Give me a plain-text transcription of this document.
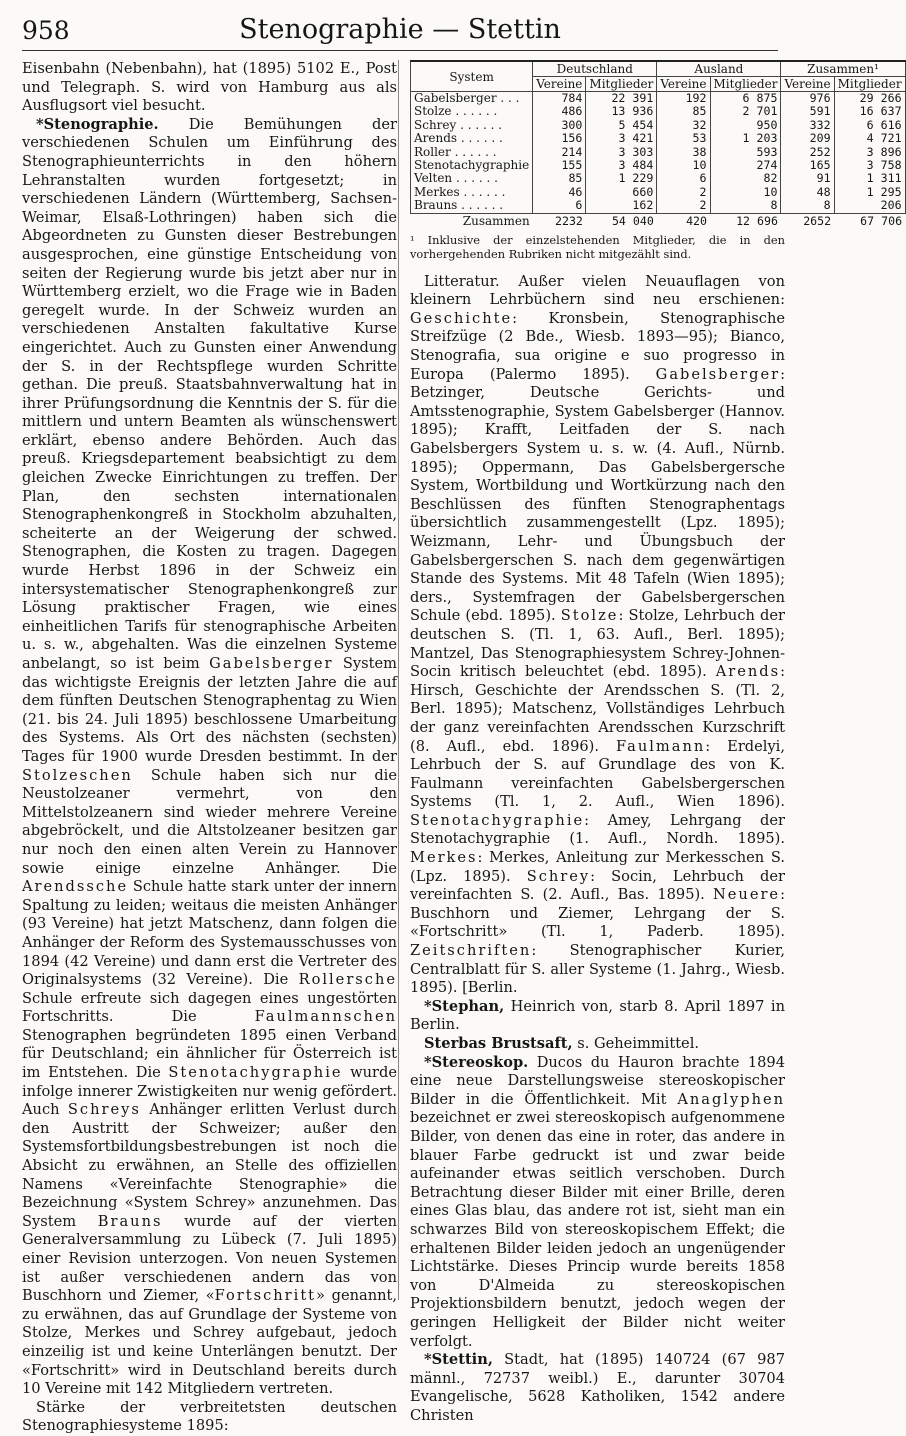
958	Stenographie — Stettin

Eisenbahn (Nebenbahn), hat (1895) 5102 E., Post und Telegraph. S. wird von Hamburg aus als Ausflugsort viel besucht.

*Stenographie. Die Bemühungen der verschiedenen Schulen um Einführung des Stenographieunterrichts in den höhern Lehranstalten wurden fortgesetzt; in verschiedenen Ländern (Württemberg, Sachsen-Weimar, Elsaß-Lothringen) haben sich die Abgeordneten zu Gunsten dieser Bestrebungen ausgesprochen, eine günstige Entscheidung von seiten der Regierung wurde bis jetzt aber nur in Württemberg erzielt, wo die Frage wie in Baden geregelt wurde. In der Schweiz wurden an verschiedenen Anstalten fakultative Kurse eingerichtet. Auch zu Gunsten einer Anwendung der S. in der Rechtspflege wurden Schritte gethan. Die preuß. Staatsbahnverwaltung hat in ihrer Prüfungsordnung die Kenntnis der S. für die mittlern und untern Beamten als wünschenswert erklärt, ebenso andere Behörden. Auch das preuß. Kriegsdepartement beabsichtigt zu dem gleichen Zwecke Einrichtungen zu treffen. Der Plan, den sechsten internationalen Stenographenkongreß in Stockholm abzuhalten, scheiterte an der Weigerung der schwed. Stenographen, die Kosten zu tragen. Dagegen wurde Herbst 1896 in der Schweiz ein intersystematischer Stenographenkongreß zur Lösung praktischer Fragen, wie eines einheitlichen Tarifs für stenographische Arbeiten u. s. w., abgehalten. Was die einzelnen Systeme anbelangt, so ist beim Gabelsberger System das wichtigste Ereignis der letzten Jahre die auf dem fünften Deutschen Stenographentag zu Wien (21. bis 24. Juli 1895) beschlossene Umarbeitung des Systems. Als Ort des nächsten (sechsten) Tages für 1900 wurde Dresden bestimmt. In der Stolzeschen Schule haben sich nur die Neustolzeaner vermehrt, von den Mittelstolzeanern sind wieder mehrere Vereine abgebröckelt, und die Altstolzeaner besitzen gar nur noch den einen alten Verein zu Hannover sowie einige einzelne Anhänger. Die Arendssche Schule hatte stark unter der innern Spaltung zu leiden; weitaus die meisten Anhänger (93 Vereine) hat jetzt Matschenz, dann folgen die Anhänger der Reform des Systemausschusses von 1894 (42 Vereine) und dann erst die Vertreter des Originalsystems (32 Vereine). Die Rollersche Schule erfreute sich dagegen eines ungestörten Fortschritts. Die Faulmannschen Stenographen begründeten 1895 einen Verband für Deutschland; ein ähnlicher für Österreich ist im Entstehen. Die Stenotachygraphie wurde infolge innerer Zwistigkeiten nur wenig gefördert. Auch Schreys Anhänger erlitten Verlust durch den Austritt der Schweizer; außer den Systemsfortbildungsbestrebungen ist noch die Absicht zu erwähnen, an Stelle des offiziellen Namens «Vereinfachte Stenographie» die Bezeichnung «System Schrey» anzunehmen. Das System Brauns wurde auf der vierten Generalversammlung zu Lübeck (7. Juli 1895) einer Revision unterzogen. Von neuen Systemen ist außer verschiedenen andern das von Buschhorn und Ziemer, «Fortschritt» genannt, zu erwähnen, das auf Grundlage der Systeme von Stolze, Merkes und Schrey aufgebaut, jedoch einzeilig ist und keine Unterlängen benutzt. Der «Fortschritt» wird in Deutschland bereits durch 10 Vereine mit 142 Mitgliedern vertreten.

Stärke der verbreitetsten deutschen Stenographiesysteme 1895:

System	Deutschland		Ausland		Zusammen¹	
	Vereine	Mitglieder	Vereine	Mitglieder	Vereine	Mitglieder
Gabelsberger . . .	784	22 391	192	6 875	976	29 266
Stolze . . . . . .	486	13 936	85	2 701	591	16 637
Schrey . . . . . .	300	5 454	32	950	332	6 616
Arends . . . . . .	156	3 421	53	1 203	209	4 721
Roller . . . . . .	214	3 303	38	593	252	3 896
Stenotachygraphie	155	3 484	10	274	165	3 758
Velten . . . . . .	85	1 229	6	82	91	1 311
Merkes . . . . . .	46	660	2	10	48	1 295
Brauns . . . . . .	6	162	2	8	8	206
Zusammen	2232	54 040	420	12 696	2652	67 706
¹ Inklusive der einzelstehenden Mitglieder, die in den vorhergehenden Rubriken nicht mitgezählt sind.

Litteratur. Außer vielen Neuauflagen von kleinern Lehrbüchern sind neu erschienen: Geschichte: Kronsbein, Stenographische Streifzüge (2 Bde., Wiesb. 1893—95); Bianco, Stenografia, sua origine e suo progresso in Europa (Palermo 1895). Gabelsberger: Betzinger, Deutsche Gerichts- und Amtsstenographie, System Gabelsberger (Hannov. 1895); Krafft, Leitfaden der S. nach Gabelsbergers System u. s. w. (4. Aufl., Nürnb. 1895); Oppermann, Das Gabelsbergersche System, Wortbildung und Wortkürzung nach den Beschlüssen des fünften Stenographentags übersichtlich zusammengestellt (Lpz. 1895); Weizmann, Lehr- und Übungsbuch der Gabelsbergerschen S. nach dem gegenwärtigen Stande des Systems. Mit 48 Tafeln (Wien 1895); ders., Systemfragen der Gabelsbergerschen Schule (ebd. 1895). Stolze: Stolze, Lehrbuch der deutschen S. (Tl. 1, 63. Aufl., Berl. 1895); Mantzel, Das Stenographiesystem Schrey-Johnen-Socin kritisch beleuchtet (ebd. 1895). Arends: Hirsch, Geschichte der Arendsschen S. (Tl. 2, Berl. 1895); Matschenz, Vollständiges Lehrbuch der ganz vereinfachten Arendsschen Kurzschrift (8. Aufl., ebd. 1896). Faulmann: Erdelyi, Lehrbuch der S. auf Grundlage des von K. Faulmann vereinfachten Gabelsbergerschen Systems (Tl. 1, 2. Aufl., Wien 1896). Stenotachygraphie: Amey, Lehrgang der Stenotachygraphie (1. Aufl., Nordh. 1895). Merkes: Merkes, Anleitung zur Merkesschen S. (Lpz. 1895). Schrey: Socin, Lehrbuch der vereinfachten S. (2. Aufl., Bas. 1895). Neuere: Buschhorn und Ziemer, Lehrgang der S. «Fortschritt» (Tl. 1, Paderb. 1895). Zeitschriften: Stenographischer Kurier, Centralblatt für S. aller Systeme (1. Jahrg., Wiesb. 1895). [Berlin.

*Stephan, Heinrich von, starb 8. April 1897 in Berlin.

Sterbas Brustsaft, s. Geheimmittel.

*Stereoskop. Ducos du Hauron brachte 1894 eine neue Darstellungsweise stereoskopischer Bilder in die Öffentlichkeit. Mit Anaglyphen bezeichnet er zwei stereoskopisch aufgenommene Bilder, von denen das eine in roter, das andere in blauer Farbe gedruckt ist und zwar beide aufeinander etwas seitlich verschoben. Durch Betrachtung dieser Bilder mit einer Brille, deren eines Glas blau, das andere rot ist, sieht man ein schwarzes Bild von stereoskopischem Effekt; die erhaltenen Bilder leiden jedoch an ungenügender Lichtstärke. Dieses Princip wurde bereits 1858 von D'Almeida zu stereoskopischen Projektionsbildern benutzt, jedoch wegen der geringen Helligkeit der Bilder nicht weiter verfolgt.

*Stettin, Stadt, hat (1895) 140724 (67 987 männl., 72737 weibl.) E., darunter 30704 Evangelische, 5628 Katholiken, 1542 andere Christen
